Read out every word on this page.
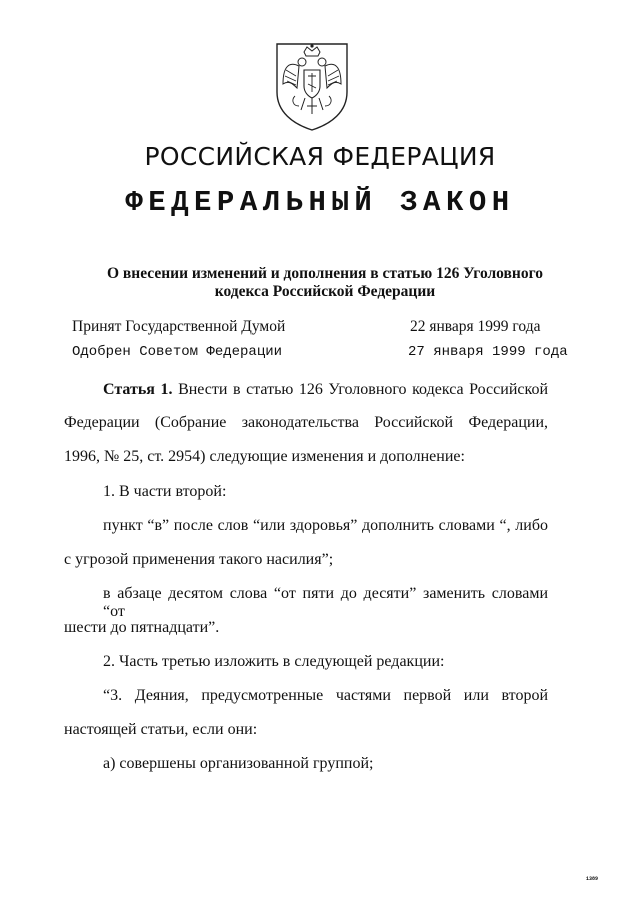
РОССИЙСКАЯ ФЕДЕРАЦИЯ
ФЕДЕРАЛЬНЫЙ ЗАКОН
О внесении изменений и дополнения в статью 126 Уголовного
кодекса Российской Федерации
Принят Государственной Думой	22 января 1999 года
Одобрен Советом Федерации	27 января 1999 года
Статья 1. Внести в статью 126 Уголовного кодекса Российской
Федерации (Собрание законодательства Российской Федерации,
1996, № 25, ст. 2954) следующие изменения и дополнение:
1. В части второй:
пункт “в” после слов “или здоровья” дополнить словами “, либо
с угрозой применения такого насилия”;
в абзаце десятом слова “от пяти до десяти” заменить словами “от
шести до пятнадцати”.
2. Часть третью изложить в следующей редакции:
“3. Деяния, предусмотренные частями первой или второй
настоящей статьи, если они:
а) совершены организованной группой;
1389
